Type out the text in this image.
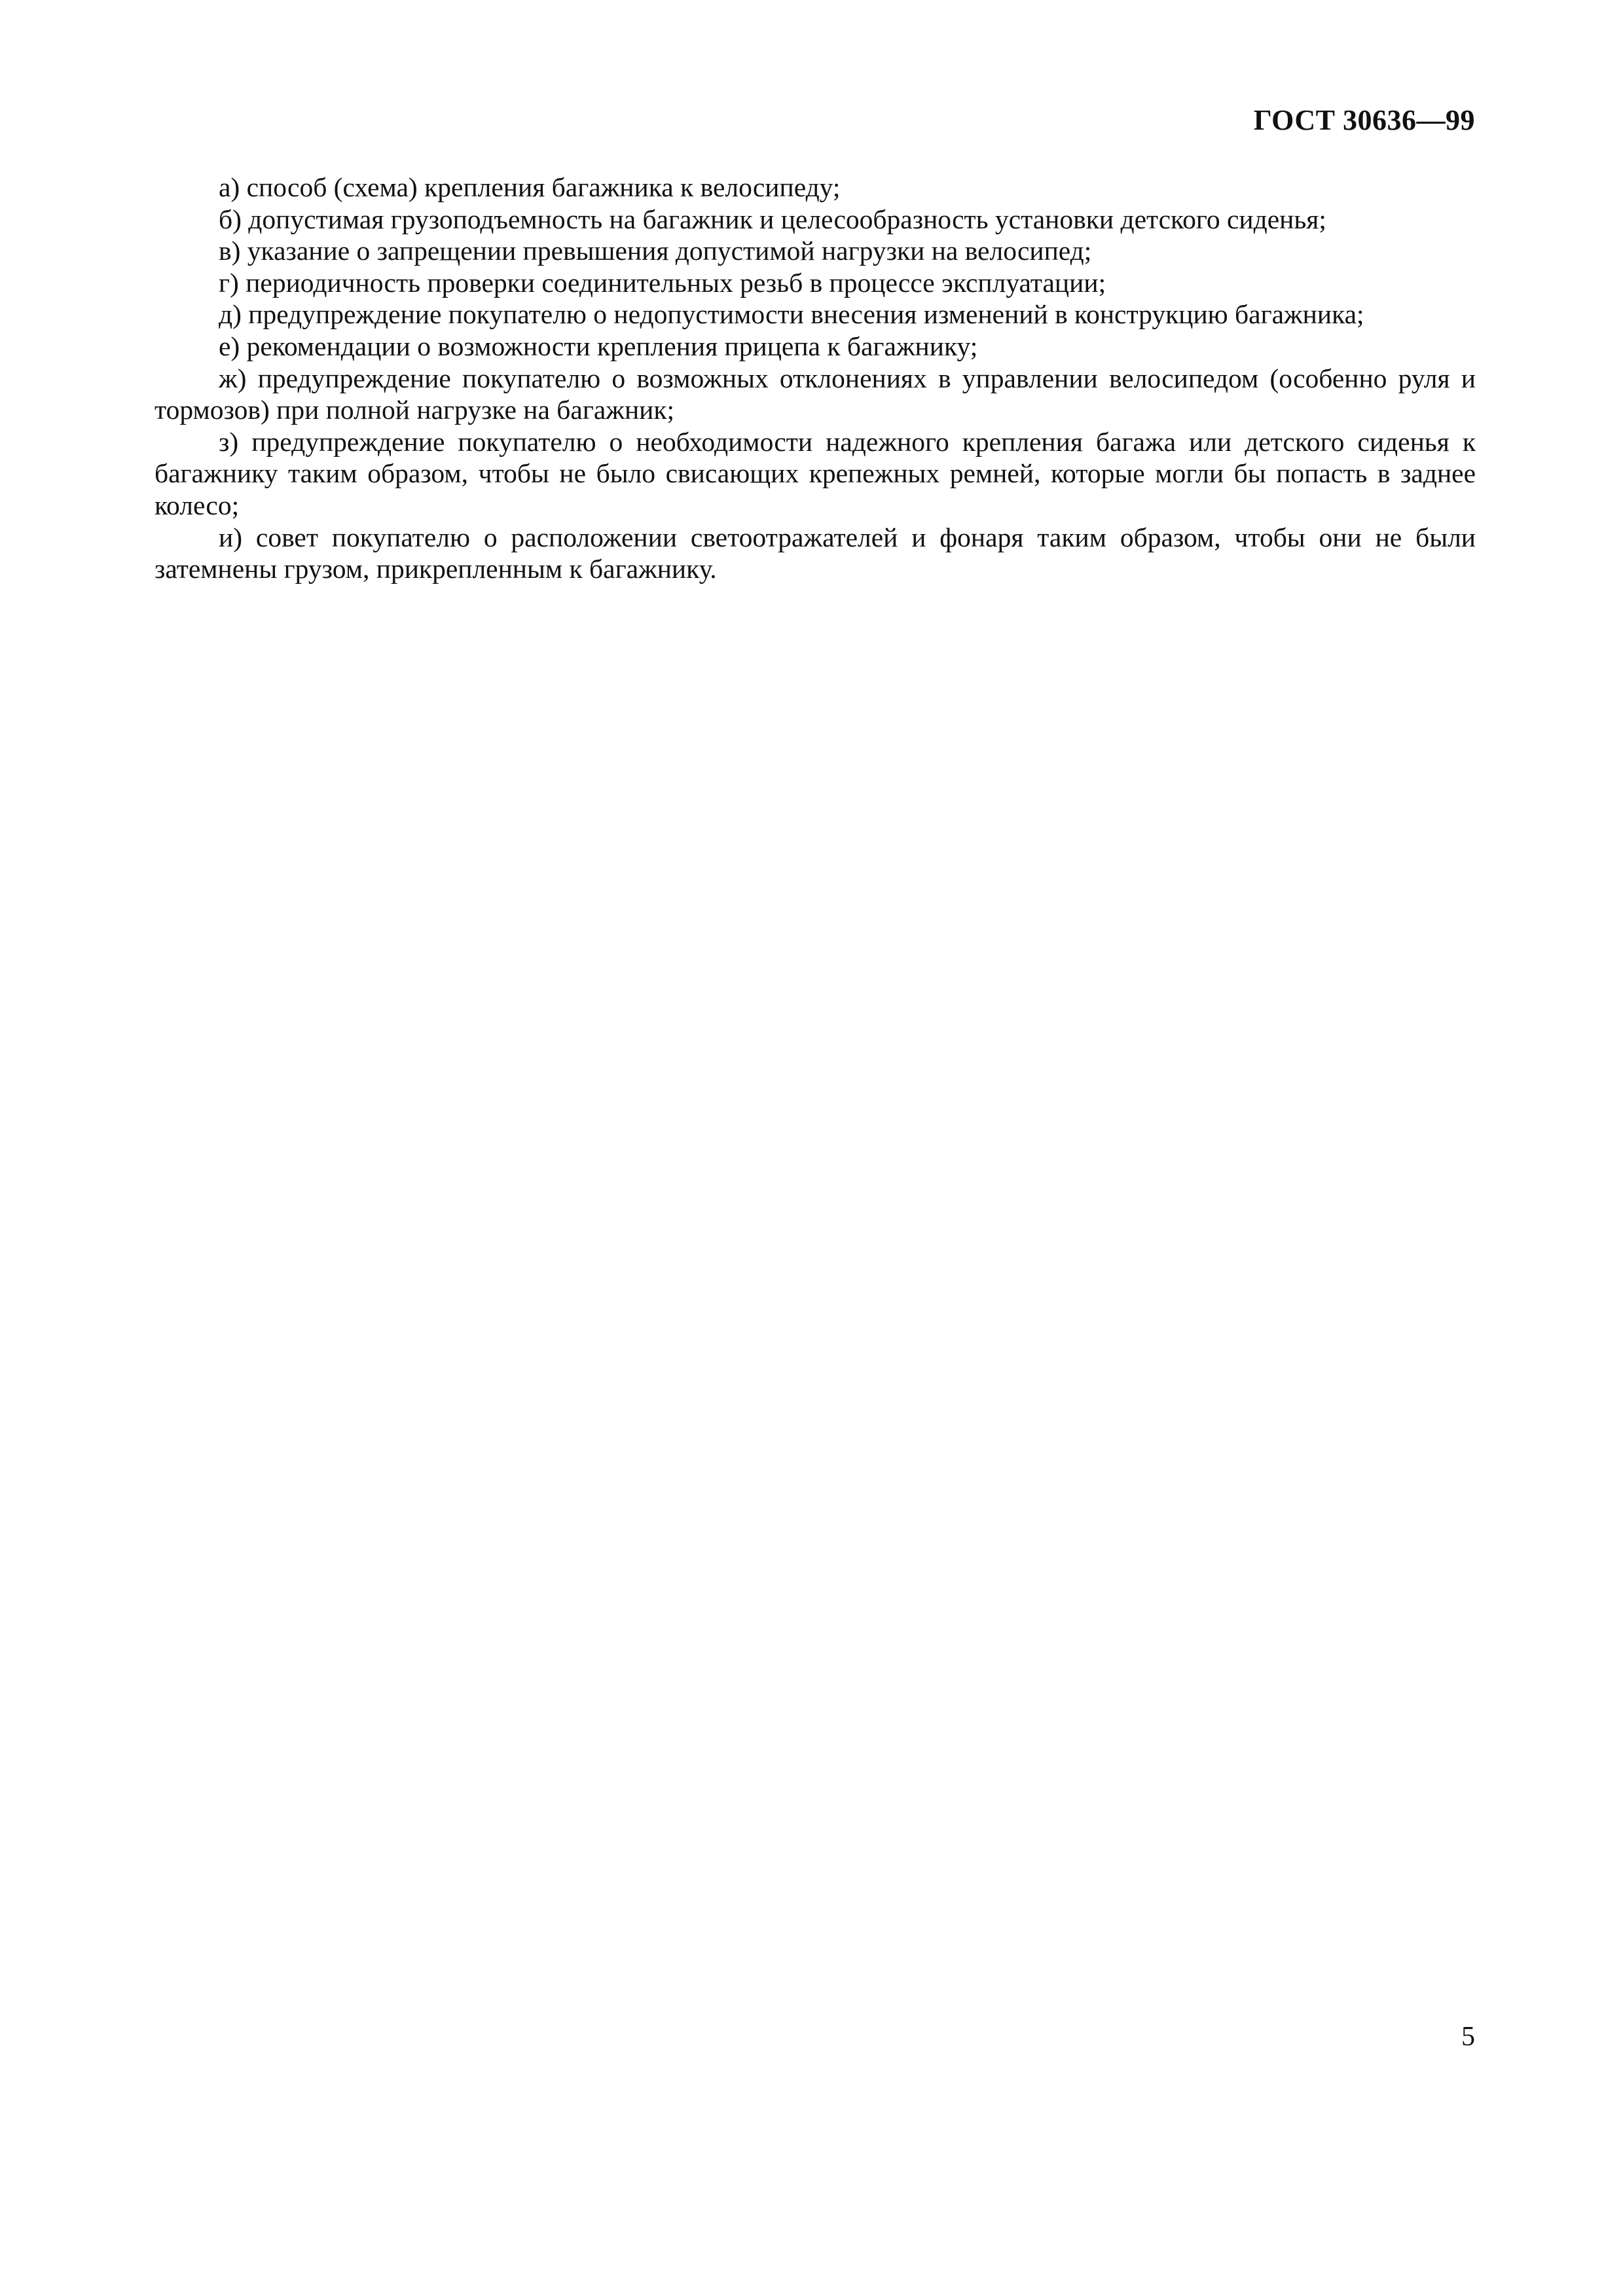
ГОСТ 30636—99

а) способ (схема) крепления багажника к велосипеду;

б) допустимая грузоподъемность на багажник и целесообразность установки детского сиденья;

в) указание о запрещении превышения допустимой нагрузки на велосипед;

г) периодичность проверки соединительных резьб в процессе эксплуатации;

д) предупреждение покупателю о недопустимости внесения изменений в конструкцию багажника;

е) рекомендации о возможности крепления прицепа к багажнику;

ж) предупреждение покупателю о возможных отклонениях в управлении велосипедом (особенно руля и тормозов) при полной нагрузке на багажник;

з) предупреждение покупателю о необходимости надежного крепления багажа или детского сиденья к багажнику таким образом, чтобы не было свисающих крепежных ремней, которые могли бы попасть в заднее колесо;

и) совет покупателю о расположении светоотражателей и фонаря таким образом, чтобы они не были затемнены грузом, прикрепленным к багажнику.

5
